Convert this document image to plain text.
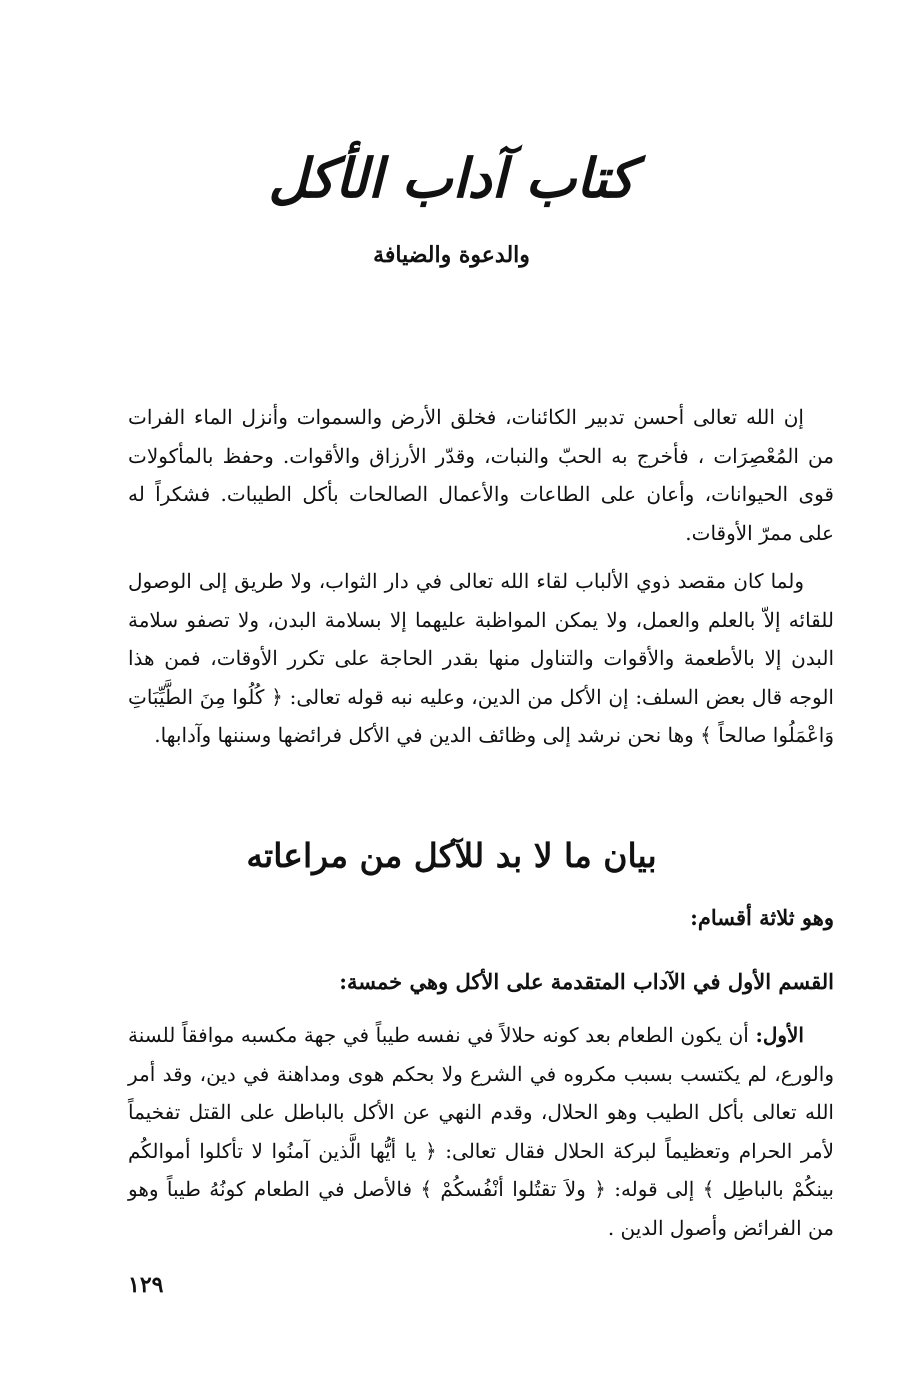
كتاب آداب الأكل
والدعوة والضيافة

إن الله تعالى أحسن تدبير الكائنات، فخلق الأرض والسموات وأنزل الماء الفرات من المُعْصِرَات ، فأخرج به الحبّ والنبات، وقدّر الأرزاق والأقوات. وحفظ بالمأكولات قوى الحيوانات، وأعان على الطاعات والأعمال الصالحات بأكل الطيبات. فشكراً له على ممرّ الأوقات.

ولما كان مقصد ذوي الألباب لقاء الله تعالى في دار الثواب، ولا طريق إلى الوصول للقائه إلاّ بالعلم والعمل، ولا يمكن المواظبة عليهما إلا بسلامة البدن، ولا تصفو سلامة البدن إلا بالأطعمة والأقوات والتناول منها بقدر الحاجة على تكرر الأوقات، فمن هذا الوجه قال بعض السلف: إن الأكل من الدين، وعليه نبه قوله تعالى: ﴿ كُلُوا مِنَ الطَّيِّبَاتِ وَاعْمَلُوا صالحاً ﴾ وها نحن نرشد إلى وظائف الدين في الأكل فرائضها وسننها وآدابها.

بيان ما لا بد للآكل من مراعاته
وهو ثلاثة أقسام:
القسم الأول في الآداب المتقدمة على الأكل وهي خمسة:

الأول: أن يكون الطعام بعد كونه حلالاً في نفسه طيباً في جهة مكسبه موافقاً للسنة والورع، لم يكتسب بسبب مكروه في الشرع ولا بحكم هوى ومداهنة في دين، وقد أمر الله تعالى بأكل الطيب وهو الحلال، وقدم النهي عن الأكل بالباطل على القتل تفخيماً لأمر الحرام وتعظيماً لبركة الحلال فقال تعالى: ﴿ يا أيُّها الَّذين آمنُوا لا تأكلوا أموالكُم بينكُمْ بالباطِل ﴾ إلى قوله: ﴿ ولاَ تقتُلوا أنْفُسكُمْ ﴾ فالأصل في الطعام كونُهُ طيباً وهو من الفرائض وأصول الدين .

١٢٩
